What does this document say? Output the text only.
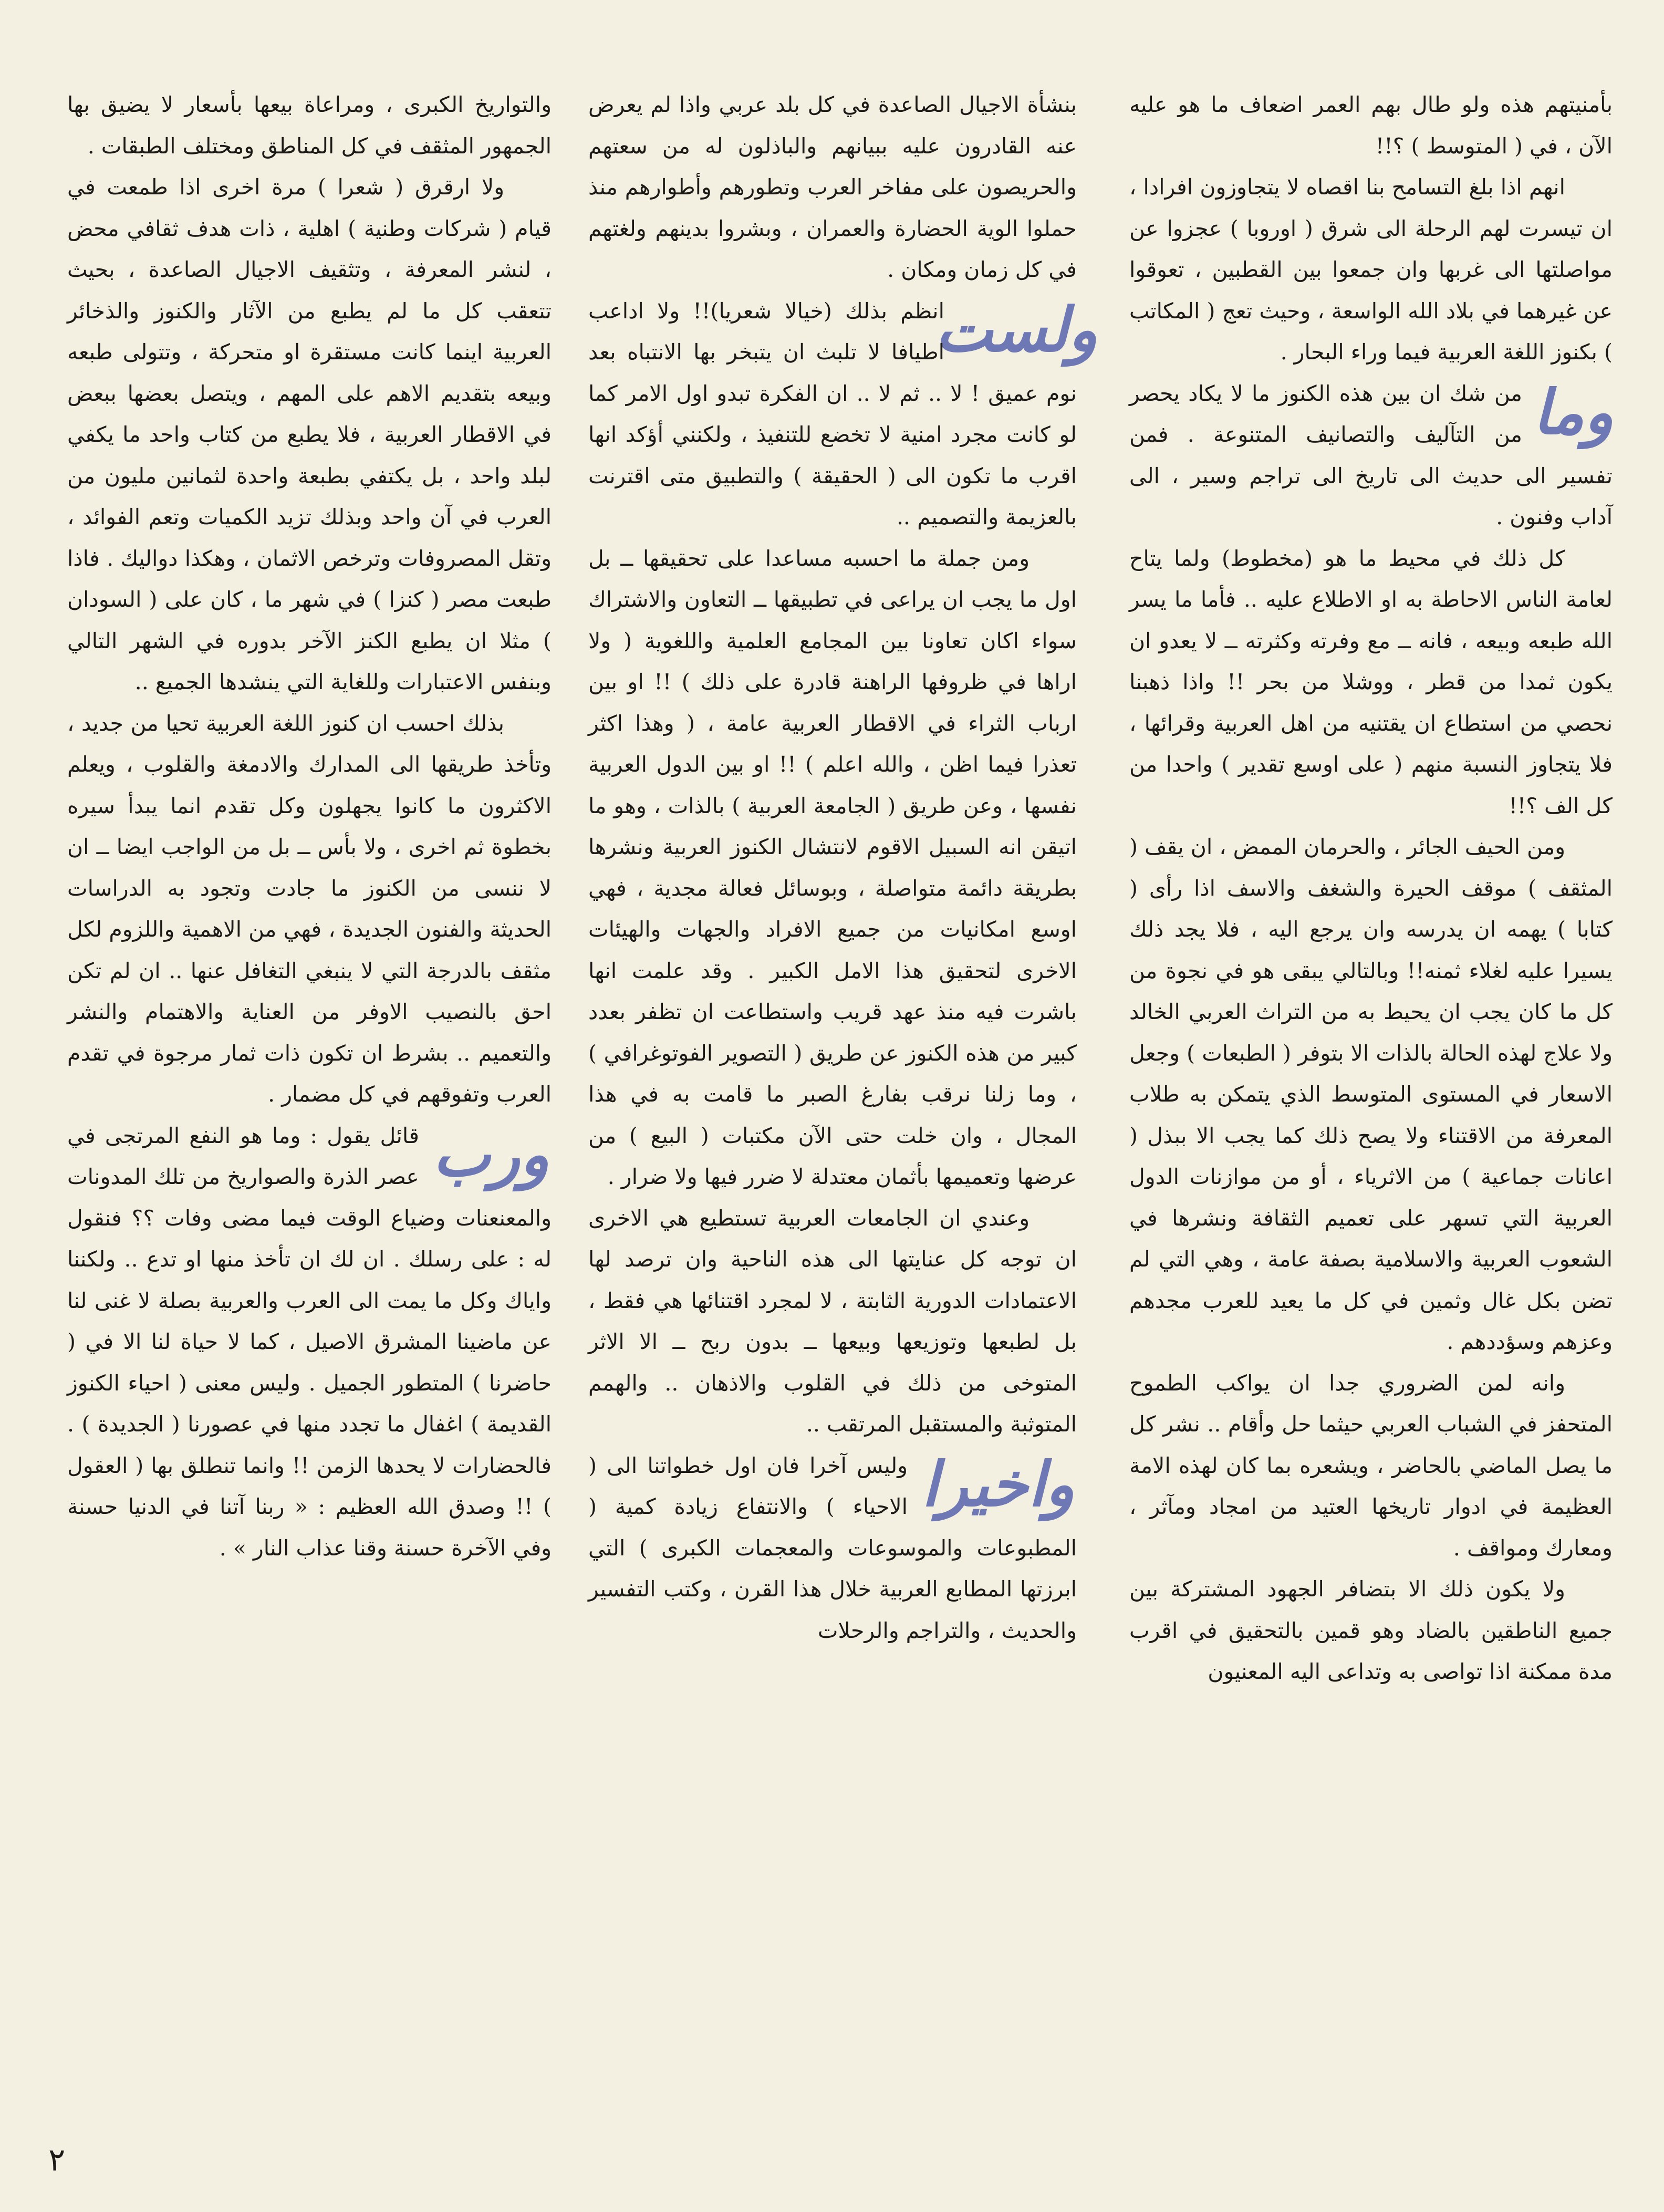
بأمنيتهم هذه ولو طال بهم العمر اضعاف ما هو عليه الآن ، في ( المتوسط ) ؟!!

انهم اذا بلغ التسامح بنا اقصاه لا يتجاوزون افرادا ، ان تيسرت لهم الرحلة الى شرق ( اوروبا ) عجزوا عن مواصلتها الى غربها وان جمعوا بين القطبين ، تعوقوا عن غيرهما في بلاد الله الواسعة ، وحيث تعج ( المكاتب ) بكنوز اللغة العربية فيما وراء البحار .

وما
من شك ان بين هذه الكنوز ما لا يكاد يحصر من التآليف والتصانيف المتنوعة . فمن تفسير الى حديث الى تاريخ الى تراجم وسير ، الى آداب وفنون .

كل ذلك في محيط ما هو (مخطوط) ولما يتاح لعامة الناس الاحاطة به او الاطلاع عليه .. فأما ما يسر الله طبعه وبيعه ، فانه ــ مع وفرته وكثرته ــ لا يعدو ان يكون ثمدا من قطر ، ووشلا من بحر !! واذا ذهبنا نحصي من استطاع ان يقتنيه من اهل العربية وقرائها ، فلا يتجاوز النسبة منهم ( على اوسع تقدير ) واحدا من كل الف ؟!!

ومن الحيف الجائر ، والحرمان الممض ، ان يقف ( المثقف ) موقف الحيرة والشغف والاسف اذا رأى ( كتابا ) يهمه ان يدرسه وان يرجع اليه ، فلا يجد ذلك يسيرا عليه لغلاء ثمنه!! وبالتالي يبقى هو في نجوة من كل ما كان يجب ان يحيط به من التراث العربي الخالد ولا علاج لهذه الحالة بالذات الا بتوفر ( الطبعات ) وجعل الاسعار في المستوى المتوسط الذي يتمكن به طلاب المعرفة من الاقتناء ولا يصح ذلك كما يجب الا ببذل ( اعانات جماعية ) من الاثرياء ، أو من موازنات الدول العربية التي تسهر على تعميم الثقافة ونشرها في الشعوب العربية والاسلامية بصفة عامة ، وهي التي لم تضن بكل غال وثمين في كل ما يعيد للعرب مجدهم وعزهم وسؤددهم .

وانه لمن الضروري جدا ان يواكب الطموح المتحفز في الشباب العربي حيثما حل وأقام .. نشر كل ما يصل الماضي بالحاضر ، ويشعره بما كان لهذه الامة العظيمة في ادوار تاريخها العتيد من امجاد ومآثر ، ومعارك ومواقف .

ولا يكون ذلك الا بتضافر الجهود المشتركة بين جميع الناطقين بالضاد وهو قمين بالتحقيق في اقرب مدة ممكنة اذا تواصى به وتداعى اليه المعنيون

بنشأة الاجيال الصاعدة في كل بلد عربي واذا لم يعرض عنه القادرون عليه ببيانهم والباذلون له من سعتهم والحريصون على مفاخر العرب وتطورهم وأطوارهم منذ حملوا الوية الحضارة والعمران ، وبشروا بدينهم ولغتهم في كل زمان ومكان .

ولست
انظم بذلك (خيالا شعريا)!! ولا اداعب اطيافا لا تلبث ان يتبخر بها الانتباه بعد نوم عميق ! لا .. ثم لا .. ان الفكرة تبدو اول الامر كما لو كانت مجرد امنية لا تخضع للتنفيذ ، ولكنني أؤكد انها اقرب ما تكون الى ( الحقيقة ) والتطبيق متى اقترنت بالعزيمة والتصميم ..

ومن جملة ما احسبه مساعدا على تحقيقها ــ بل اول ما يجب ان يراعى في تطبيقها ــ التعاون والاشتراك سواء اكان تعاونا بين المجامع العلمية واللغوية ( ولا اراها في ظروفها الراهنة قادرة على ذلك ) !! او بين ارباب الثراء في الاقطار العربية عامة ، ( وهذا اكثر تعذرا فيما اظن ، والله اعلم ) !! او بين الدول العربية نفسها ، وعن طريق ( الجامعة العربية ) بالذات ، وهو ما اتيقن انه السبيل الاقوم لانتشال الكنوز العربية ونشرها بطريقة دائمة متواصلة ، وبوسائل فعالة مجدية ، فهي اوسع امكانيات من جميع الافراد والجهات والهيئات الاخرى لتحقيق هذا الامل الكبير . وقد علمت انها باشرت فيه منذ عهد قريب واستطاعت ان تظفر بعدد كبير من هذه الكنوز عن طريق ( التصوير الفوتوغرافي ) ، وما زلنا نرقب بفارغ الصبر ما قامت به في هذا المجال ، وان خلت حتى الآن مكتبات ( البيع ) من عرضها وتعميمها بأثمان معتدلة لا ضرر فيها ولا ضرار .

وعندي ان الجامعات العربية تستطيع هي الاخرى ان توجه كل عنايتها الى هذه الناحية وان ترصد لها الاعتمادات الدورية الثابتة ، لا لمجرد اقتنائها هي فقط ، بل لطبعها وتوزيعها وبيعها ــ بدون ربح ــ الا الاثر المتوخى من ذلك في القلوب والاذهان .. والهمم المتوثبة والمستقبل المرتقب ..

واخيرا
وليس آخرا فان اول خطواتنا الى ( الاحياء ) والانتفاع زيادة كمية ( المطبوعات والموسوعات والمعجمات الكبرى ) التي ابرزتها المطابع العربية خلال هذا القرن ، وكتب التفسير والحديث ، والتراجم والرحلات

والتواريخ الكبرى ، ومراعاة بيعها بأسعار لا يضيق بها الجمهور المثقف في كل المناطق ومختلف الطبقات .

ولا ارقرق ( شعرا ) مرة اخرى اذا طمعت في قيام ( شركات وطنية ) اهلية ، ذات هدف ثقافي محض ، لنشر المعرفة ، وتثقيف الاجيال الصاعدة ، بحيث تتعقب كل ما لم يطبع من الآثار والكنوز والذخائر العربية اينما كانت مستقرة او متحركة ، وتتولى طبعه وبيعه بتقديم الاهم على المهم ، ويتصل بعضها ببعض في الاقطار العربية ، فلا يطبع من كتاب واحد ما يكفي لبلد واحد ، بل يكتفي بطبعة واحدة لثمانين مليون من العرب في آن واحد وبذلك تزيد الكميات وتعم الفوائد ، وتقل المصروفات وترخص الاثمان ، وهكذا دواليك . فاذا طبعت مصر ( كنزا ) في شهر ما ، كان على ( السودان ) مثلا ان يطبع الكنز الآخر بدوره في الشهر التالي وبنفس الاعتبارات وللغاية التي ينشدها الجميع ..

بذلك احسب ان كنوز اللغة العربية تحيا من جديد ، وتأخذ طريقها الى المدارك والادمغة والقلوب ، ويعلم الاكثرون ما كانوا يجهلون وكل تقدم انما يبدأ سيره بخطوة ثم اخرى ، ولا بأس ــ بل من الواجب ايضا ــ ان لا ننسى من الكنوز ما جادت وتجود به الدراسات الحديثة والفنون الجديدة ، فهي من الاهمية واللزوم لكل مثقف بالدرجة التي لا ينبغي التغافل عنها .. ان لم تكن احق بالنصيب الاوفر من العناية والاهتمام والنشر والتعميم .. بشرط ان تكون ذات ثمار مرجوة في تقدم العرب وتفوقهم في كل مضمار .

ورب
قائل يقول : وما هو النفع المرتجى في عصر الذرة والصواريخ من تلك المدونات والمعنعنات وضياع الوقت فيما مضى وفات ؟؟ فنقول له : على رسلك . ان لك ان تأخذ منها او تدع .. ولكننا واياك وكل ما يمت الى العرب والعربية بصلة لا غنى لنا عن ماضينا المشرق الاصيل ، كما لا حياة لنا الا في ( حاضرنا ) المتطور الجميل . وليس معنى ( احياء الكنوز القديمة ) اغفال ما تجدد منها في عصورنا ( الجديدة ) . فالحضارات لا يحدها الزمن !! وانما تنطلق بها ( العقول ) !! وصدق الله العظيم : « ربنا آتنا في الدنيا حسنة وفي الآخرة حسنة وقنا عذاب النار » .

٢
